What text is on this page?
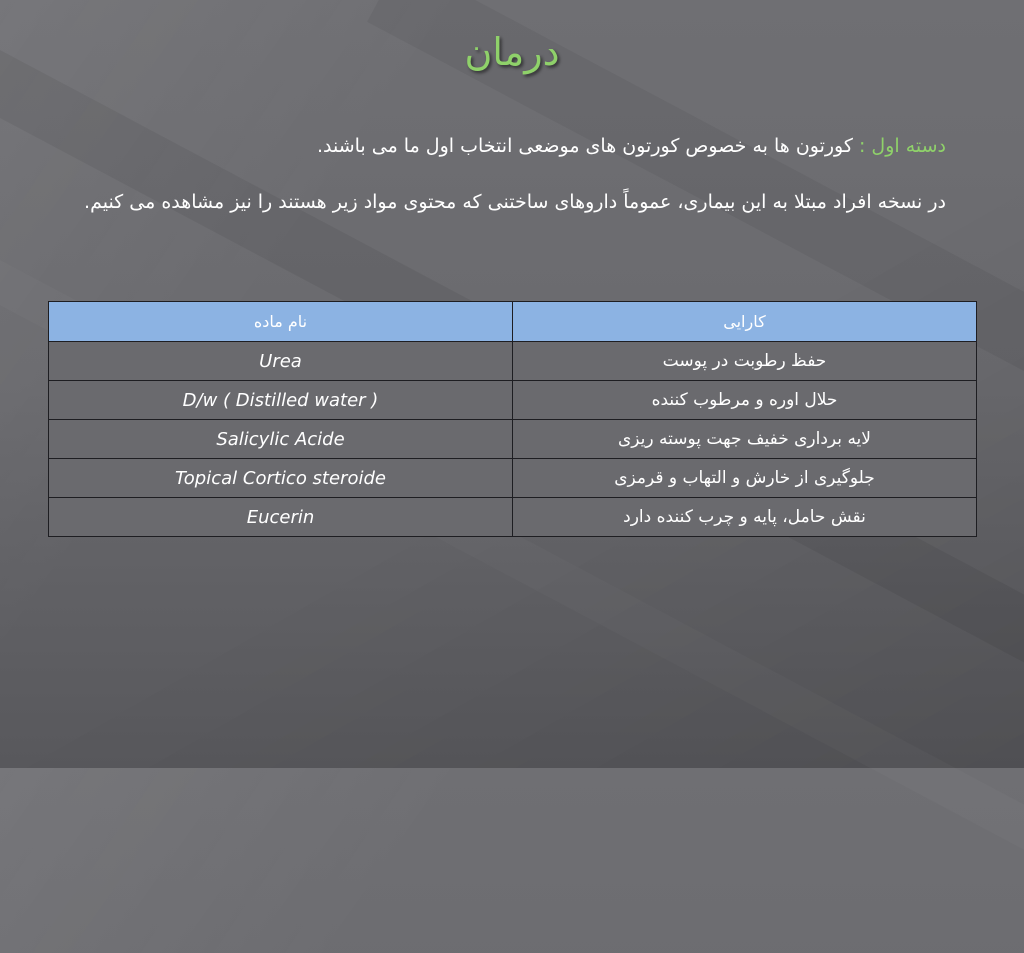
درمان

دسته اول : کورتون ها به خصوص کورتون های موضعی انتخاب اول ما می باشند.

در نسخه افراد مبتلا به این بیماری، عموماً داروهای ساختنی که محتوی مواد زیر هستند را نیز مشاهده می کنیم.

کارایی	نام ماده
حفظ رطوبت در پوست	Urea
حلال اوره و مرطوب کننده	D/w ( Distilled water )
لایه برداری خفیف جهت پوسته ریزی	Salicylic Acide
جلوگیری از خارش و التهاب و قرمزی	Topical Cortico steroide
نقش حامل، پایه و چرب کننده دارد	Eucerin
